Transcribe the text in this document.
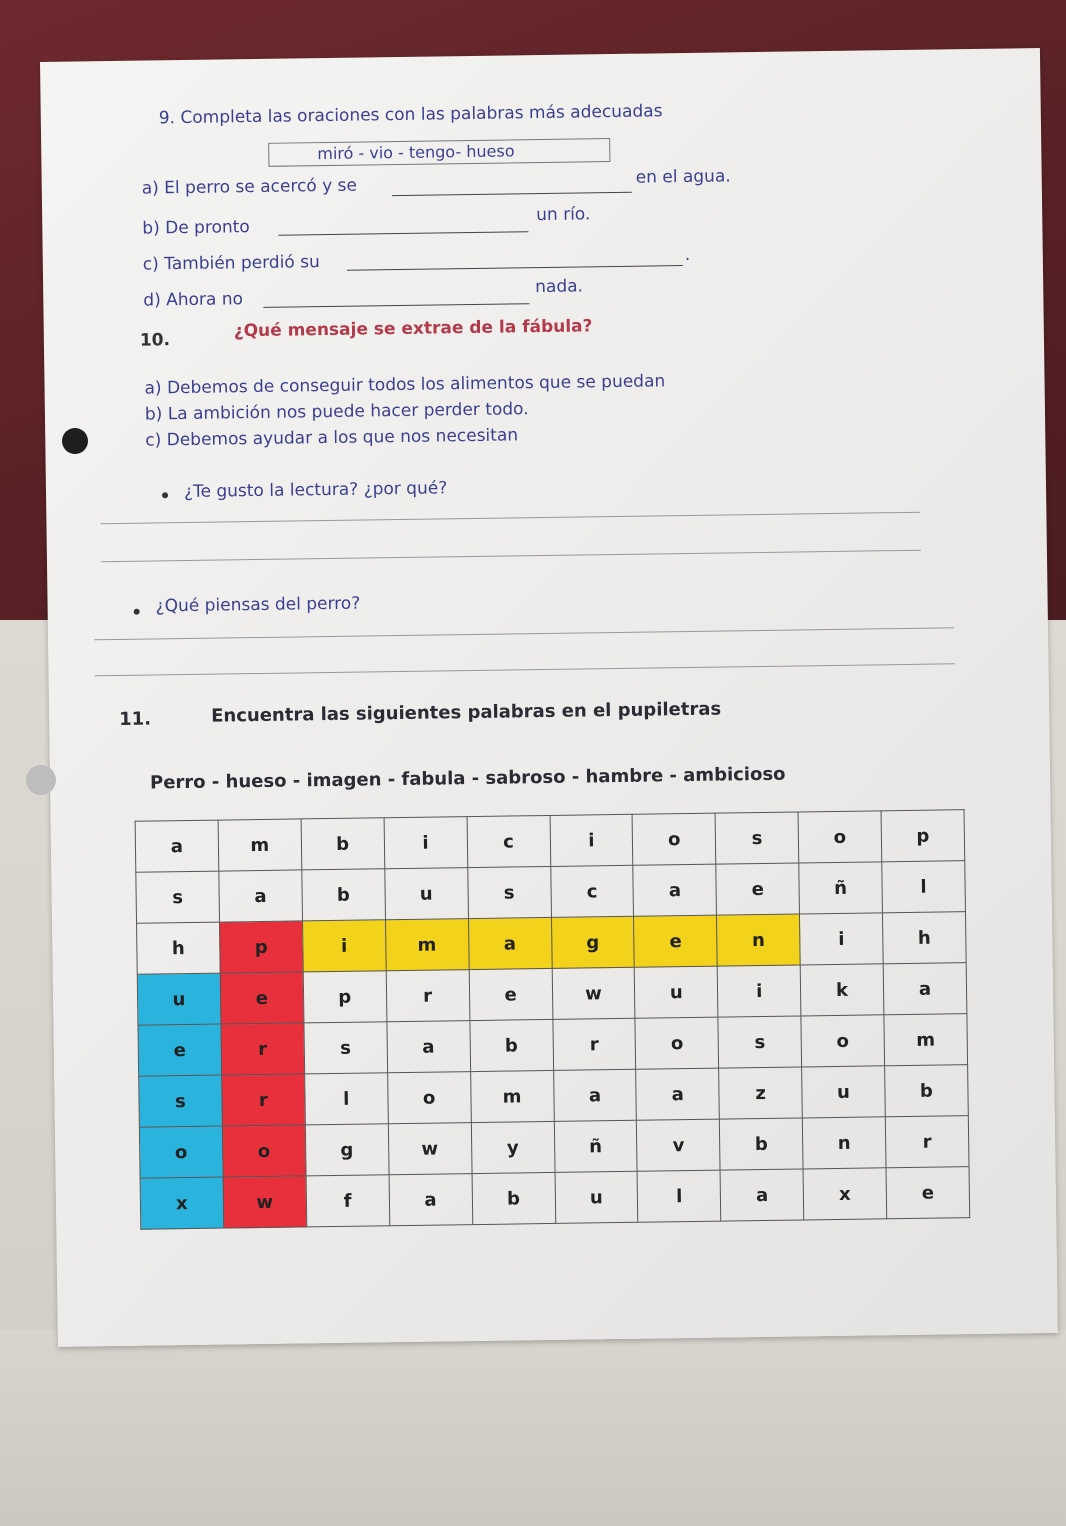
9. Completa las oraciones con las palabras más adecuadas
miró - vio - tengo- hueso
a) El perro se acercó y se	en el agua.
b) De pronto
un río.
c) También perdió su	.
d) Ahora no
nada.
10.	¿Qué mensaje se extrae de la fábula?
a) Debemos de conseguir todos los alimentos que se puedan
b) La ambición nos puede hacer perder todo.
c) Debemos ayudar a los que nos necesitan
¿Te gusto la lectura? ¿por qué?
¿Qué piensas del perro?
11.	Encuentra las siguientes palabras en el pupiletras
Perro - hueso - imagen - fabula - sabroso - hambre - ambicioso
a	m	b	i	c	i	o	s	o	p
s	a	b	u	s	c	a	e	ñ	l
h	p	i	m	a	g	e	n	i	h
u	e	p	r	e	w	u	i	k	a
e	r	s	a	b	r	o	s	o	m
s	r	l	o	m	a	a	z	u	b
o	o	g	w	y	ñ	v	b	n	r
x	w	f	a	b	u	l	a	x	e
